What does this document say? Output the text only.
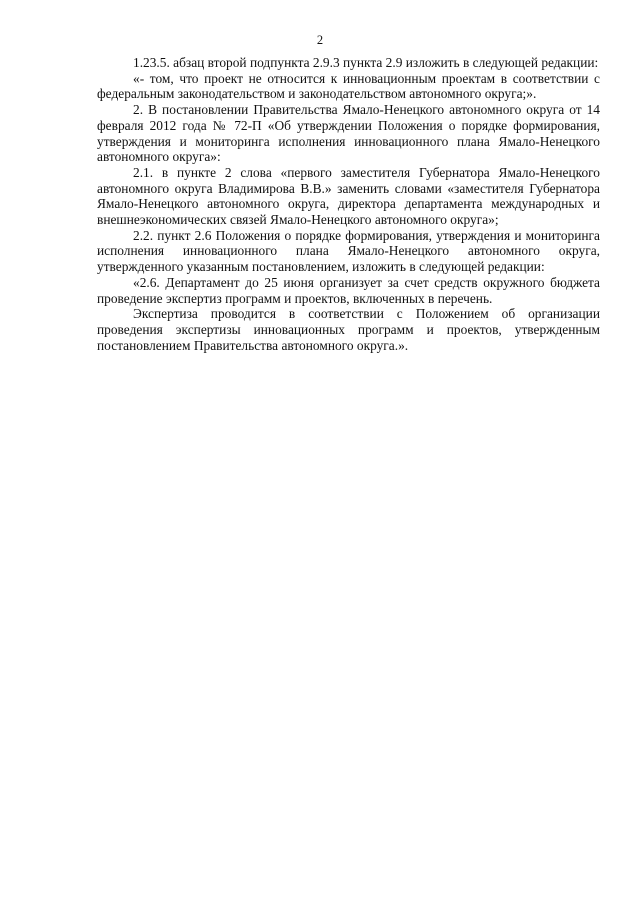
2

1.23.5. абзац второй подпункта 2.9.3 пункта 2.9 изложить в следующей редакции:

«- том, что проект не относится к инновационным проектам в соответствии с федеральным законодательством и законодательством автономного округа;».

2. В постановлении Правительства Ямало-Ненецкого автономного округа от 14 февраля 2012 года № 72-П «Об утверждении Положения о порядке формирования, утверждения и мониторинга исполнения инновационного плана Ямало-Ненецкого автономного округа»:

2.1. в пункте 2 слова «первого заместителя Губернатора Ямало-Ненецкого автономного округа Владимирова В.В.» заменить словами «заместителя Губернатора Ямало-Ненецкого автономного округа, директора департамента международных и внешнеэкономических связей Ямало-Ненецкого автономного округа»;

2.2. пункт 2.6 Положения о порядке формирования, утверждения и мониторинга исполнения инновационного плана Ямало-Ненецкого автономного округа, утвержденного указанным постановлением, изложить в следующей редакции:

«2.6. Департамент до 25 июня организует за счет средств окружного бюджета проведение экспертиз программ и проектов, включенных в перечень.

Экспертиза проводится в соответствии с Положением об организации проведения экспертизы инновационных программ и проектов, утвержденным постановлением Правительства автономного округа.».
